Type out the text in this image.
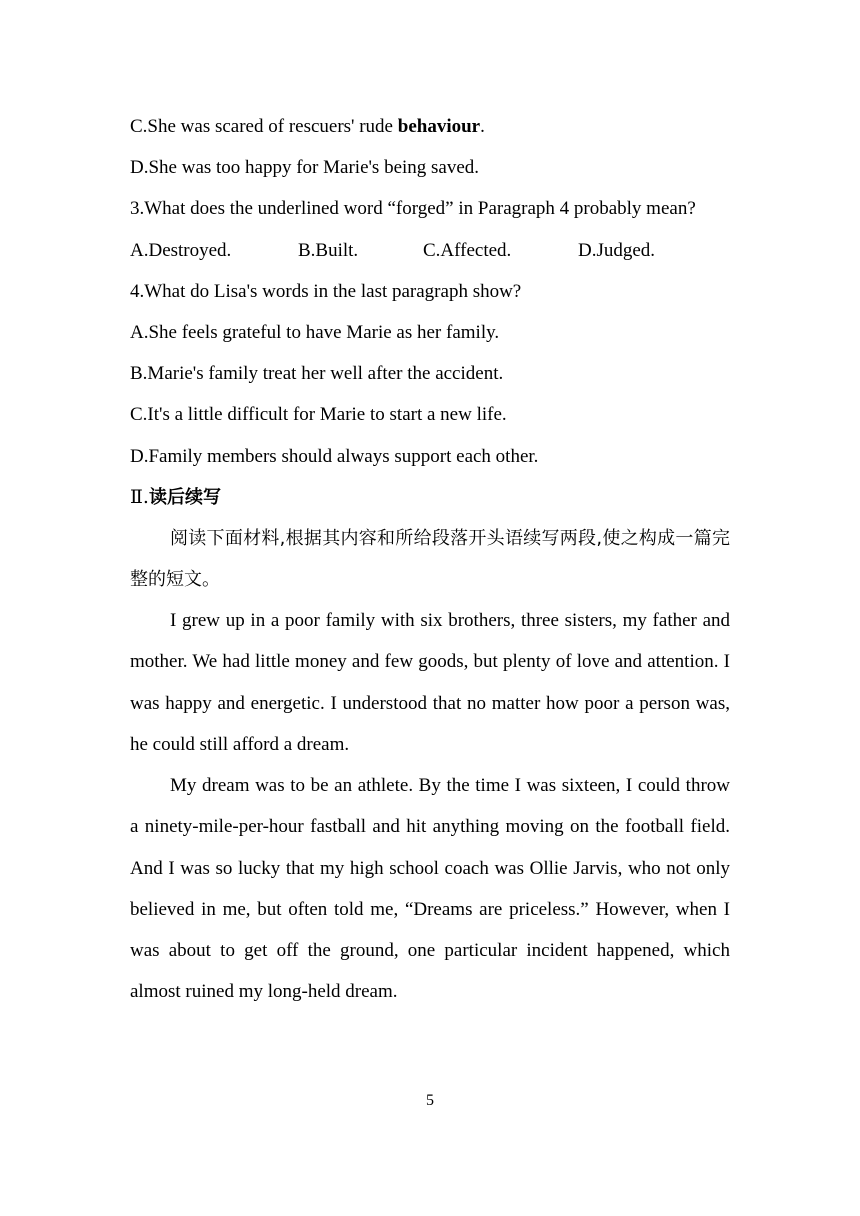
C.She was scared of rescuers' rude behaviour.
D.She was too happy for Marie's being saved.
3.What does the underlined word “forged” in Paragraph 4 probably mean?
A.Destroyed.	B.Built.	C.Affected.	D.Judged.
4.What do Lisa's words in the last paragraph show?
A.She feels grateful to have Marie as her family.
B.Marie's family treat her well after the accident.
C.It's a little difficult for Marie to start a new life.
D.Family members should always support each other.
Ⅱ.读后续写

阅读下面材料,根据其内容和所给段落开头语续写两段,使之构成一篇完整的短文。

I grew up in a poor family with six brothers, three sisters, my father and mother. We had little money and few goods, but plenty of love and attention. I was happy and energetic. I understood that no matter how poor a person was, he could still afford a dream.

My dream was to be an athlete. By the time I was sixteen, I could throw a ninety-mile-per-hour fastball and hit anything moving on the football field. And I was so lucky that my high school coach was Ollie Jarvis, who not only believed in me, but often told me, “Dreams are priceless.” However, when I was about to get off the ground, one particular incident happened, which almost ruined my long-held dream.

5
